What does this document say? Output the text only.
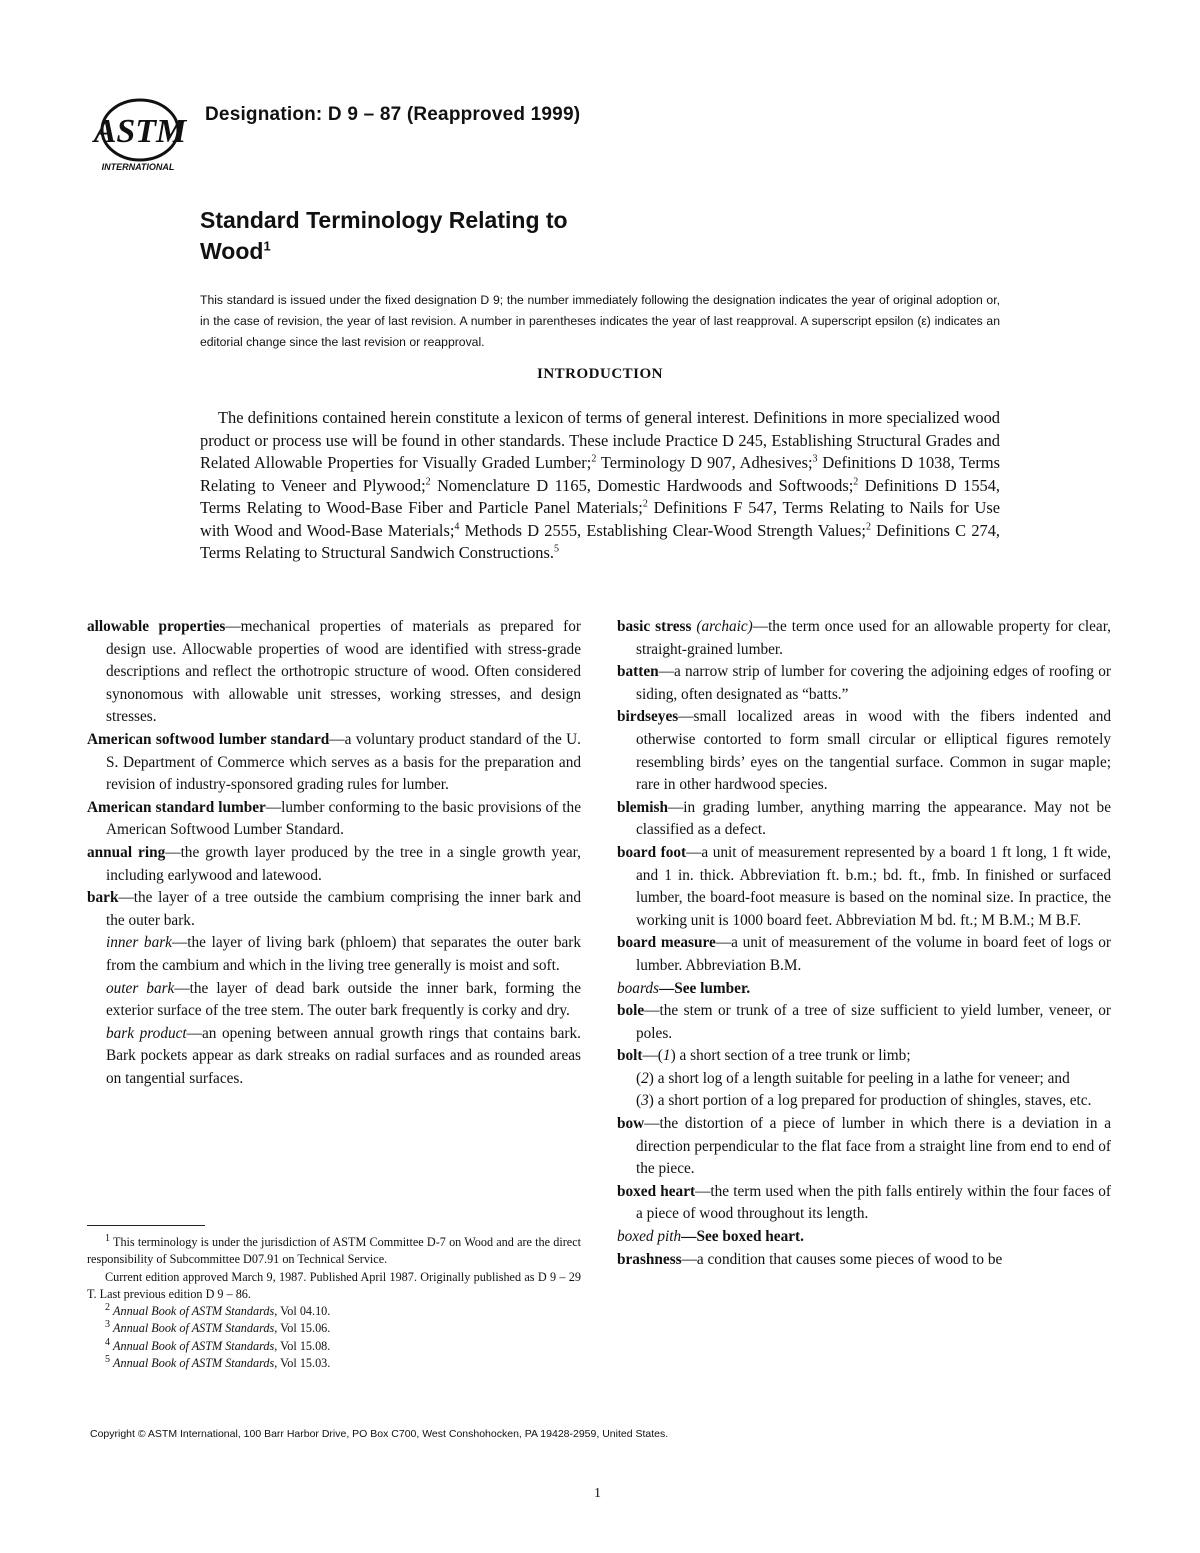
ASTM
INTERNATIONAL
Designation: D 9 – 87 (Reapproved 1999)
Standard Terminology Relating to
Wood$^1$
This standard is issued under the fixed designation D 9; the number immediately following the designation indicates the year of original adoption or, in the case of revision, the year of last revision. A number in parentheses indicates the year of last reapproval. A superscript epsilon (ε) indicates an editorial change since the last revision or reapproval.
INTRODUCTION

The definitions contained herein constitute a lexicon of terms of general interest. Definitions in more specialized wood product or process use will be found in other standards. These include Practice D 245, Establishing Structural Grades and Related Allowable Properties for Visually Graded Lumber;$^2$ Terminology D 907, Adhesives;$^3$ Definitions D 1038, Terms Relating to Veneer and Plywood;$^2$ Nomenclature D 1165, Domestic Hardwoods and Softwoods;$^2$ Definitions D 1554, Terms Relating to Wood-Base Fiber and Particle Panel Materials;$^2$ Definitions F 547, Terms Relating to Nails for Use with Wood and Wood-Base Materials;$^4$ Methods D 2555, Establishing Clear-Wood Strength Values;$^2$ Definitions C 274, Terms Relating to Structural Sandwich Constructions.$^5$

allowable properties—mechanical properties of materials as prepared for design use. Allocwable properties of wood are identified with stress-grade descriptions and reflect the orthotropic structure of wood. Often considered synonomous with allowable unit stresses, working stresses, and design stresses.

American softwood lumber standard—a voluntary product standard of the U. S. Department of Commerce which serves as a basis for the preparation and revision of industry-sponsored grading rules for lumber.

American standard lumber—lumber conforming to the basic provisions of the American Softwood Lumber Standard.

annual ring—the growth layer produced by the tree in a single growth year, including earlywood and latewood.

bark—the layer of a tree outside the cambium comprising the inner bark and the outer bark.

inner bark—the layer of living bark (phloem) that separates the outer bark from the cambium and which in the living tree generally is moist and soft.

outer bark—the layer of dead bark outside the inner bark, forming the exterior surface of the tree stem. The outer bark frequently is corky and dry.

bark product—an opening between annual growth rings that contains bark. Bark pockets appear as dark streaks on radial surfaces and as rounded areas on tangential surfaces.

basic stress (archaic)—the term once used for an allowable property for clear, straight-grained lumber.

batten—a narrow strip of lumber for covering the adjoining edges of roofing or siding, often designated as “batts.”

birdseyes—small localized areas in wood with the fibers indented and otherwise contorted to form small circular or elliptical figures remotely resembling birds’ eyes on the tangential surface. Common in sugar maple; rare in other hardwood species.

blemish—in grading lumber, anything marring the appearance. May not be classified as a defect.

board foot—a unit of measurement represented by a board 1 ft long, 1 ft wide, and 1 in. thick. Abbreviation ft. b.m.; bd. ft., fmb. In finished or surfaced lumber, the board-foot measure is based on the nominal size. In practice, the working unit is 1000 board feet. Abbreviation M bd. ft.; M B.M.; M B.F.

board measure—a unit of measurement of the volume in board feet of logs or lumber. Abbreviation B.M.

boards—See lumber.

bole—the stem or trunk of a tree of size sufficient to yield lumber, veneer, or poles.

bolt—(1) a short section of a tree trunk or limb;

(2) a short log of a length suitable for peeling in a lathe for veneer; and

(3) a short portion of a log prepared for production of shingles, staves, etc.

bow—the distortion of a piece of lumber in which there is a deviation in a direction perpendicular to the flat face from a straight line from end to end of the piece.

boxed heart—the term used when the pith falls entirely within the four faces of a piece of wood throughout its length.

boxed pith—See boxed heart.

brashness—a condition that causes some pieces of wood to be

$^1$ This terminology is under the jurisdiction of ASTM Committee D-7 on Wood and are the direct responsibility of Subcommittee D07.91 on Technical Service.

Current edition approved March 9, 1987. Published April 1987. Originally published as D 9 – 29 T. Last previous edition D 9 – 86.

$^2$ Annual Book of ASTM Standards, Vol 04.10.

$^3$ Annual Book of ASTM Standards, Vol 15.06.

$^4$ Annual Book of ASTM Standards, Vol 15.08.

$^5$ Annual Book of ASTM Standards, Vol 15.03.

Copyright © ASTM International, 100 Barr Harbor Drive, PO Box C700, West Conshohocken, PA 19428-2959, United States.
1
